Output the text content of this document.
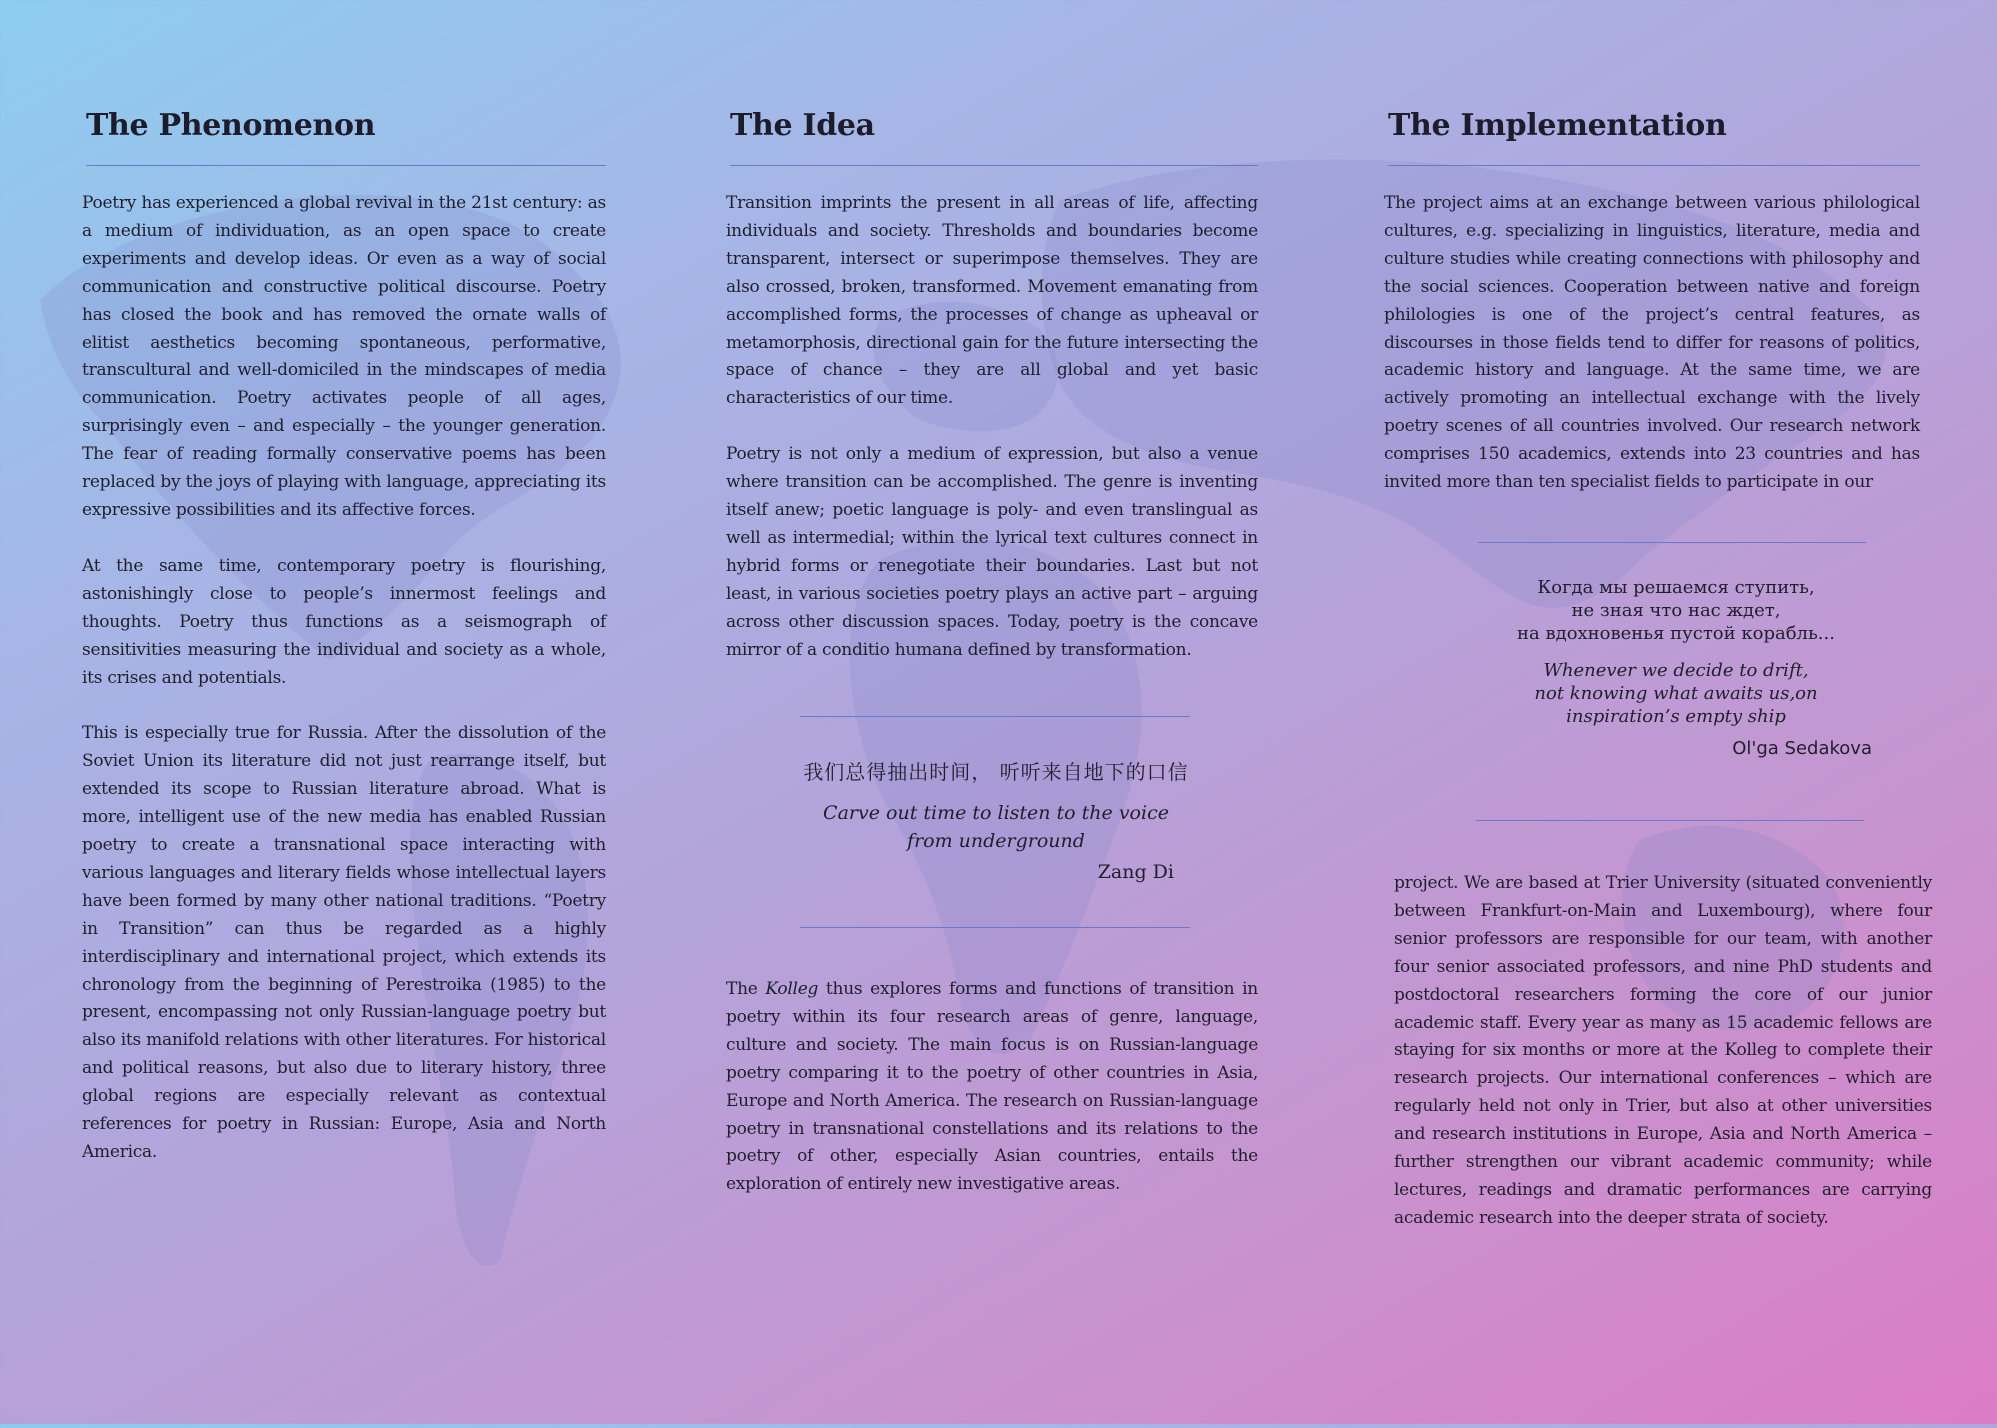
The Phenomenon

Poetry has experienced a global revival in the 21st century: as a medium of individuation, as an open space to create experiments and develop ideas. Or even as a way of social communication and constructive political discourse. Poetry has closed the book and has removed the ornate walls of elitist aesthetics becoming spontaneous, performative, transcultural and well-domiciled in the mindscapes of media communication. Poetry activates people of all ages, surprisingly even – and especially – the younger generation. The fear of reading formally conservative poems has been replaced by the joys of playing with language, appreciating its expressive possibilities and its affective forces.

At the same time, contemporary poetry is flourishing, astonishingly close to people’s innermost feelings and thoughts. Poetry thus functions as a seismograph of sensitivities measuring the individual and society as a whole, its crises and potentials.

This is especially true for Russia. After the dissolution of the Soviet Union its literature did not just rearrange itself, but extended its scope to Russian literature abroad. What is more, intelligent use of the new media has enabled Russian poetry to create a transnational space interacting with various languages and literary fields whose intellectual layers have been formed by many other national traditions. “Poetry in Transition” can thus be regarded as a highly interdisciplinary and international project, which extends its chronology from the beginning of Perestroika (1985) to the present, encompassing not only Russian-language poetry but also its manifold relations with other literatures. For historical and political reasons, but also due to literary history, three global regions are especially relevant as contextual references for poetry in Russian: Europe, Asia and North America.

The Idea

Transition imprints the present in all areas of life, affecting individuals and society. Thresholds and boundaries become transparent, intersect or superimpose themselves. They are also crossed, broken, transformed. Movement emanating from accomplished forms, the processes of change as upheaval or metamorphosis, directional gain for the future intersecting the space of chance – they are all global and yet basic characteristics of our time.

Poetry is not only a medium of expression, but also a venue where transition can be accomplished. The genre is inventing itself anew; poetic language is poly- and even translingual as well as intermedial; within the lyrical text cultures connect in hybrid forms or renegotiate their boundaries. Last but not least, in various societies poetry plays an active part – arguing across other discussion spaces. Today, poetry is the concave mirror of a conditio humana defined by transformation.

我们总得抽出时间， 听听来自地下的口信
Carve out time to listen to the voice
from underground
Zang Di

The Kolleg thus explores forms and functions of transition in poetry within its four research areas of genre, language, culture and society. The main focus is on Russian-language poetry comparing it to the poetry of other countries in Asia, Europe and North America. The research on Russian-language poetry in transnational constellations and its relations to the poetry of other, especially Asian countries, entails the exploration of entirely new investigative areas.

The Implementation

The project aims at an exchange between various philological cultures, e.g. specializing in linguistics, literature, media and culture studies while creating connections with philosophy and the social sciences. Cooperation between native and foreign philologies is one of the project’s central features, as discourses in those fields tend to differ for reasons of politics, academic history and language. At the same time, we are actively promoting an intellectual exchange with the lively poetry scenes of all countries involved. Our research network comprises 150 academics, extends into 23 countries and has invited more than ten specialist fields to participate in our

Когда мы решаемся ступить,
не зная что нас ждет,
на вдохновенья пустой корабль...
Whenever we decide to drift,
not knowing what awaits us,on
inspiration’s empty ship
Ol'ga Sedakova

project. We are based at Trier University (situated conveniently between Frankfurt-on-Main and Luxembourg), where four senior professors are responsible for our team, with another four senior associated professors, and nine PhD students and postdoctoral researchers forming the core of our junior academic staff. Every year as many as 15 academic fellows are staying for six months or more at the Kolleg to complete their research projects. Our international conferences – which are regularly held not only in Trier, but also at other universities and research institutions in Europe, Asia and North America – further strengthen our vibrant academic community; while lectures, readings and dramatic performances are carrying academic research into the deeper strata of society.
